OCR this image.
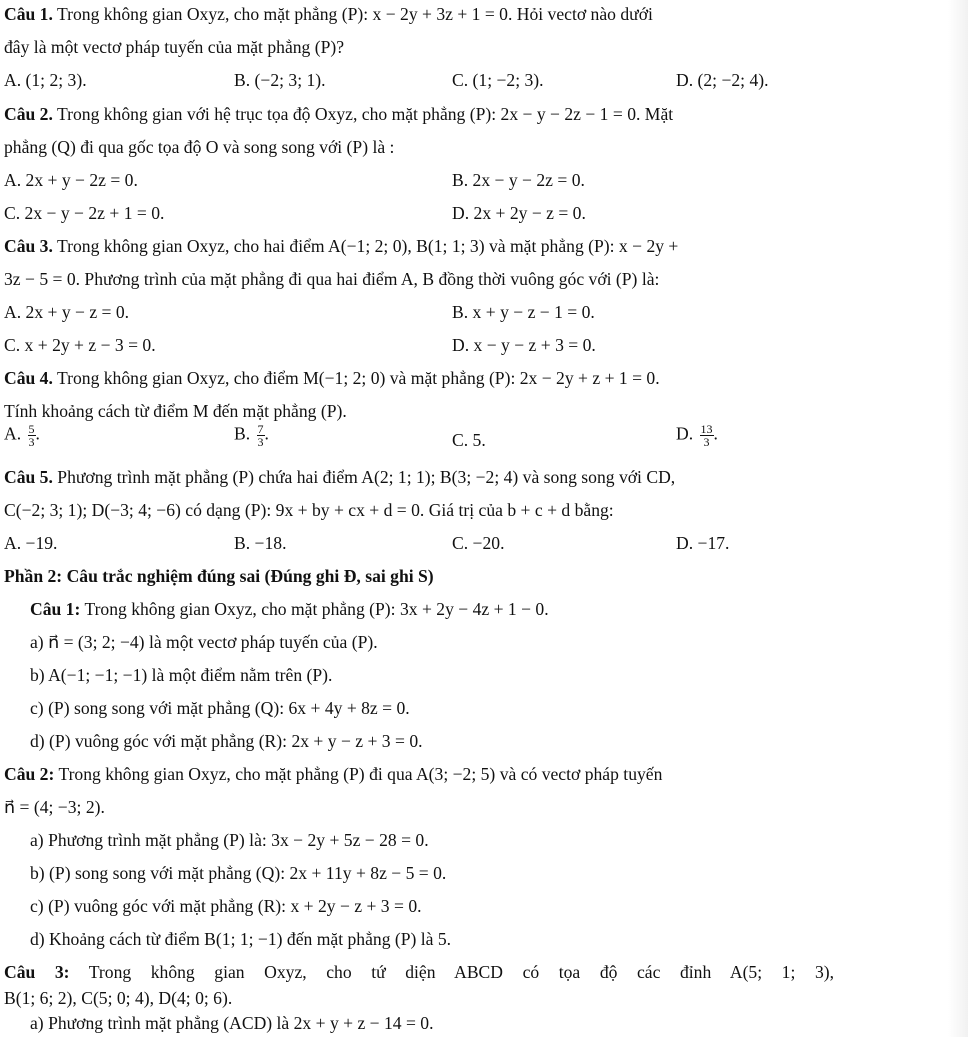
Câu 1. Trong không gian Oxyz, cho mặt phẳng (P): x − 2y + 3z + 1 = 0. Hỏi vectơ nào dưới
đây là một vectơ pháp tuyến của mặt phẳng (P)?
A. (1; 2; 3).	B. (−2; 3; 1).	C. (1; −2; 3).	D. (2; −2; 4).
Câu 2. Trong không gian với hệ trục tọa độ Oxyz, cho mặt phẳng (P): 2x − y − 2z − 1 = 0. Mặt
phẳng (Q) đi qua gốc tọa độ O và song song với (P) là :
A. 2x + y − 2z = 0.	B. 2x − y − 2z = 0.
C. 2x − y − 2z + 1 = 0.	D. 2x + 2y − z = 0.
Câu 3. Trong không gian Oxyz, cho hai điểm A(−1; 2; 0), B(1; 1; 3) và mặt phẳng (P): x − 2y +
3z − 5 = 0. Phương trình của mặt phẳng đi qua hai điểm A, B đồng thời vuông góc với (P) là:
A. 2x + y − z = 0.	B. x + y − z − 1 = 0.
C. x + 2y + z − 3 = 0.	D. x − y − z + 3 = 0.
Câu 4. Trong không gian Oxyz, cho điểm M(−1; 2; 0) và mặt phẳng (P): 2x − 2y + z + 1 = 0.
Tính khoảng cách từ điểm M đến mặt phẳng (P).
A. $\frac{5}{3}$ .	B. $\frac{7}{3}$ .	C. 5.	D. $\frac{13}{3}$ .
Câu 5. Phương trình mặt phẳng (P) chứa hai điểm A(2; 1; 1); B(3; −2; 4) và song song với CD,
C(−2; 3; 1); D(−3; 4; −6) có dạng (P): 9x + by + cx + d = 0. Giá trị của b + c + d bằng:
A. −19.	B. −18.	C. −20.	D. −17.
Phần 2: Câu trắc nghiệm đúng sai (Đúng ghi Đ, sai ghi S)
Câu 1: Trong không gian Oxyz, cho mặt phẳng (P): 3x + 2y − 4z + 1 − 0.
a) n⃗ = (3; 2; −4) là một vectơ pháp tuyến của (P).
b) A(−1; −1; −1) là một điểm nằm trên (P).
c) (P) song song với mặt phẳng (Q): 6x + 4y + 8z = 0.
d) (P) vuông góc với mặt phẳng (R): 2x + y − z + 3 = 0.
Câu 2: Trong không gian Oxyz, cho mặt phẳng (P) đi qua A(3; −2; 5) và có vectơ pháp tuyến
n⃗ = (4; −3; 2).
a) Phương trình mặt phẳng (P) là: 3x − 2y + 5z − 28 = 0.
b) (P) song song với mặt phẳng (Q): 2x + 11y + 8z − 5 = 0.
c) (P) vuông góc với mặt phẳng (R): x + 2y − z + 3 = 0.
d) Khoảng cách từ điểm B(1; 1; −1) đến mặt phẳng (P) là 5.
Câu 3: Trong không gian Oxyz, cho tứ diện ABCD có tọa độ các đỉnh A(5; 1; 3),
B(1; 6; 2), C(5; 0; 4), D(4; 0; 6).
a) Phương trình mặt phẳng (ACD) là 2x + y + z − 14 = 0.
